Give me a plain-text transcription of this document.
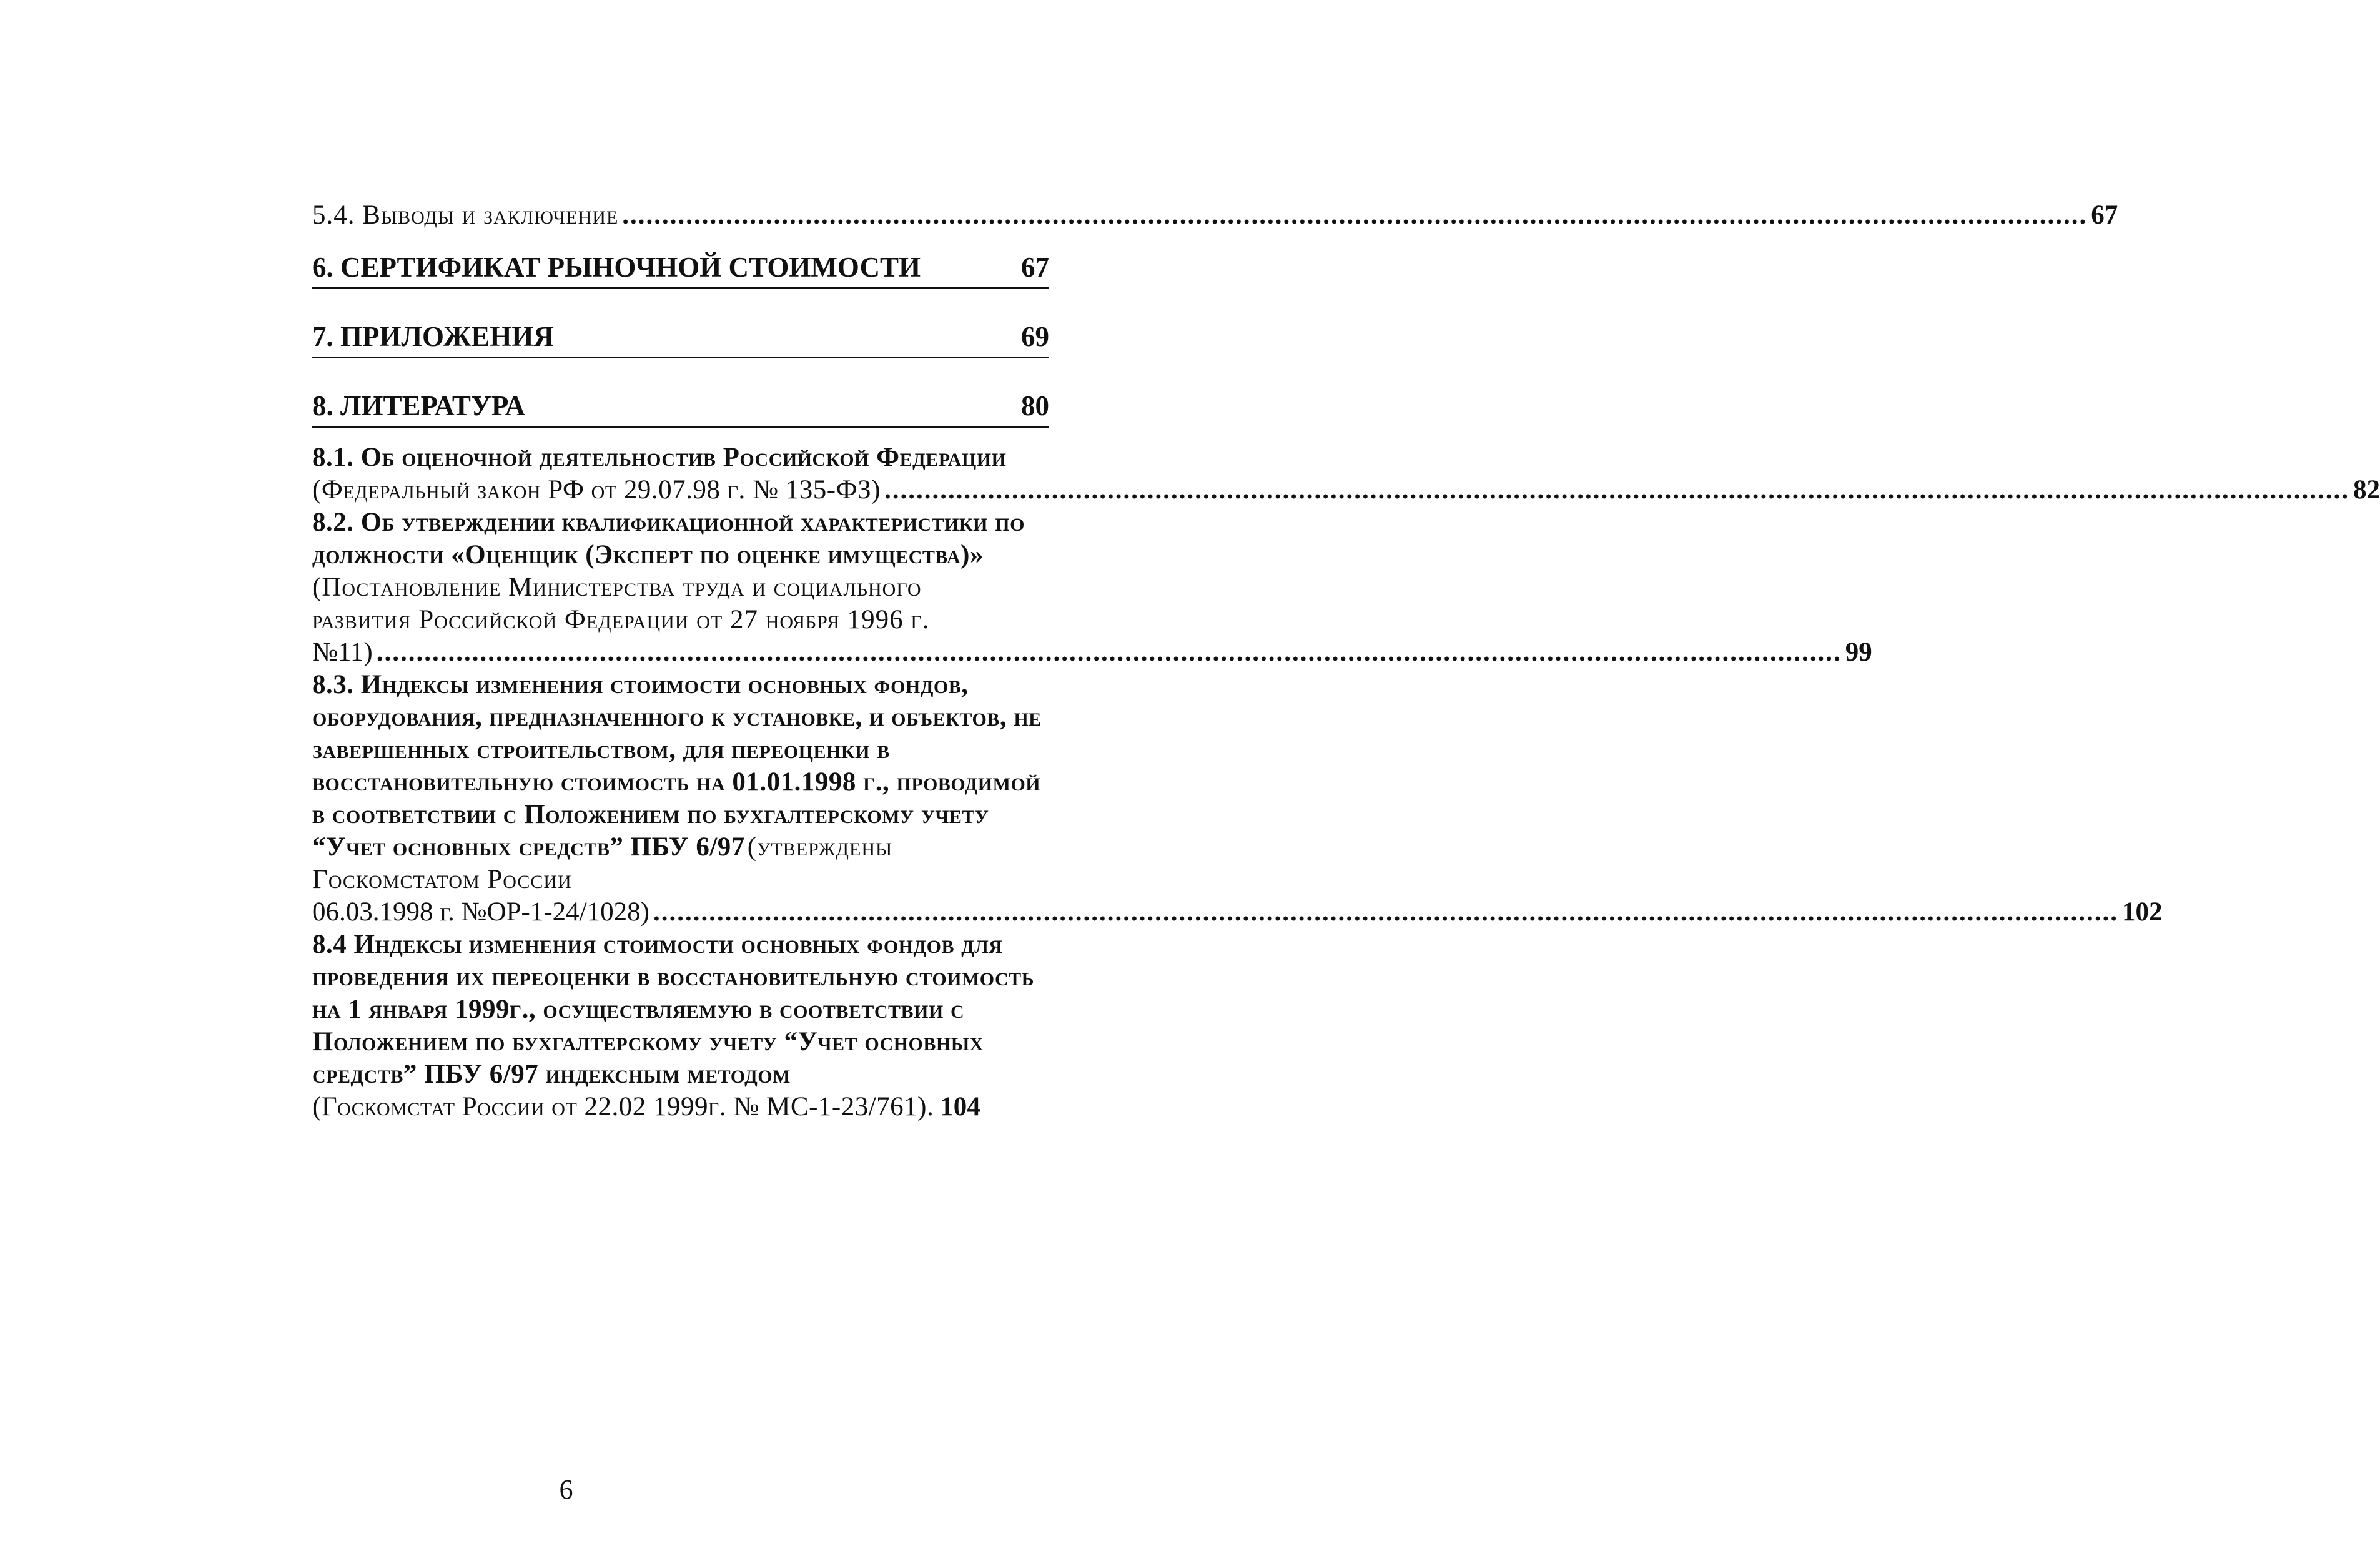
5.4. Выводы и заключение ........................................................................................................................................................................................ 67
6. СЕРТИФИКАТ РЫНОЧНОЙ СТОИМОСТИ	67
7. ПРИЛОЖЕНИЯ	69
8. ЛИТЕРАТУРА	80
8.1. Об оценочной деятельностив Российской Федерации
(Федеральный закон РФ от 29.07.98 г. № 135-ФЗ) ........................................................................................................................................................................................ 82
8.2. Об утверждении квалификационной характеристики по должности «Оценщик (Эксперт по оценке имущества)»
(Постановление Министерства труда и социального
развития Российской Федерации от 27 ноября 1996 г.
№11) ........................................................................................................................................................................................ 99
8.3. Индексы изменения стоимости основных фондов, оборудования, предназначенного к установке, и объектов, не завершенных строительством, для переоценки в восстановительную стоимость на 01.01.1998 г., проводимой в соответствии с Положением по бухгалтерскому учету “Учет основных средств” ПБУ 6/97 (утверждены Госкомстатом России
06.03.1998 г. №ОР-1-24/1028) ........................................................................................................................................................................................ 102
8.4 Индексы изменения стоимости основных фондов для проведения их переоценки в восстановительную стоимость на 1 января 1999г., осуществляемую в соответствии с Положением по бухгалтерскому учету “Учет основных средств” ПБУ 6/97 индексным методом
(Госкомстат России от 22.02 1999г. № МС-1-23/761). 104
6
